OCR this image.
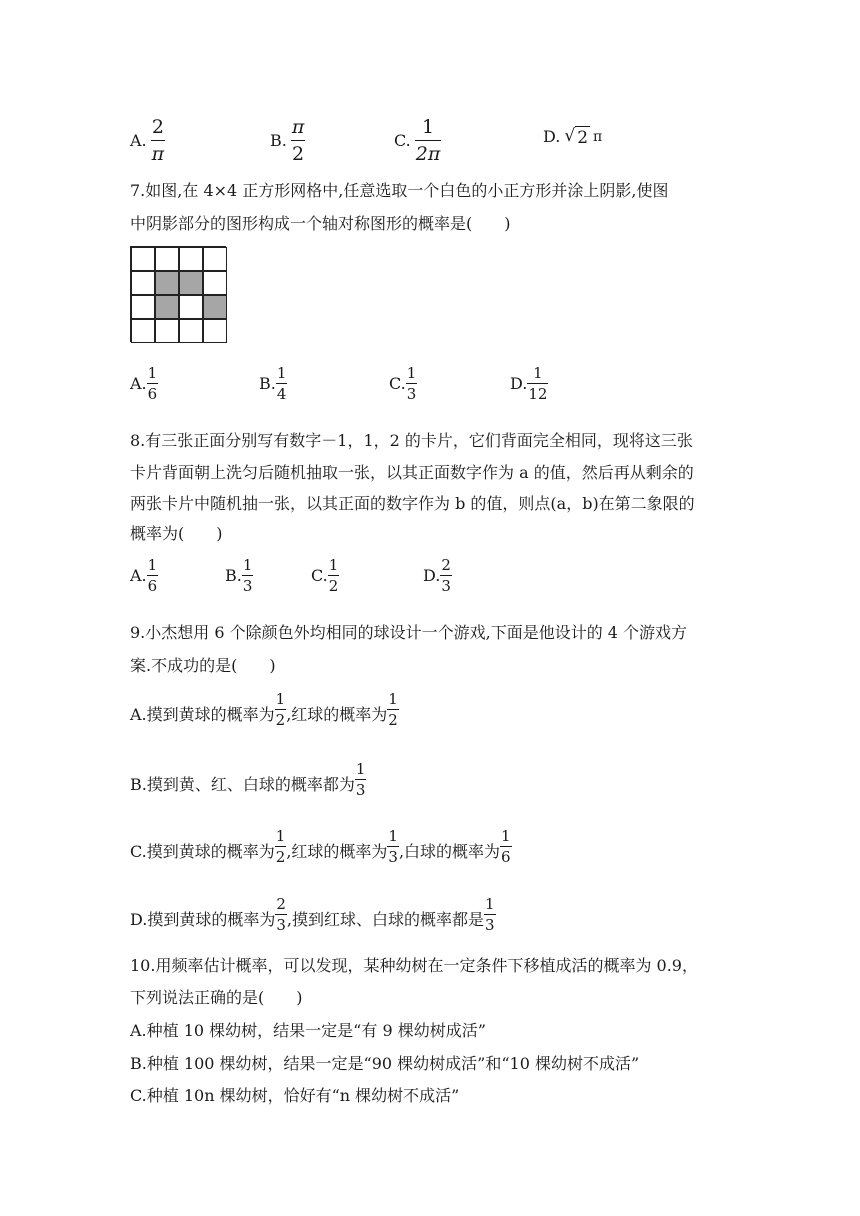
A. $\frac{2}{\pi}$	B. $\frac{\pi}{2}$	C. $\frac{1}{2\pi}$	D. √ 2 π
7.如图,在 4×4 正方形网格中,任意选取一个白色的小正方形并涂上阴影,使图
中阴影部分的图形构成一个轴对称图形的概率是(　　)
A. $\frac{1}{6}$	B. $\frac{1}{4}$	C. $\frac{1}{3}$	D. $\frac{1}{12}$
8.有三张正面分别写有数字－1，1，2 的卡片，它们背面完全相同，现将这三张
卡片背面朝上洗匀后随机抽取一张，以其正面数字作为 a 的值，然后再从剩余的
两张卡片中随机抽一张，以其正面的数字作为 b 的值，则点(a，b)在第二象限的
概率为(　　)
A. $\frac{1}{6}$	B. $\frac{1}{3}$	C. $\frac{1}{2}$	D. $\frac{2}{3}$
9.小杰想用 6 个除颜色外均相同的球设计一个游戏,下面是他设计的 4 个游戏方
案.不成功的是(　　)
A.摸到黄球的概率为 $\frac{1}{2}$ ,红球的概率为 $\frac{1}{2}$
B.摸到黄、红、白球的概率都为 $\frac{1}{3}$
C.摸到黄球的概率为 $\frac{1}{2}$ ,红球的概率为 $\frac{1}{3}$ ,白球的概率为 $\frac{1}{6}$
D.摸到黄球的概率为 $\frac{2}{3}$ ,摸到红球、白球的概率都是 $\frac{1}{3}$
10.用频率估计概率，可以发现，某种幼树在一定条件下移植成活的概率为 0.9，
下列说法正确的是(　　)
A.种植 10 棵幼树，结果一定是“有 9 棵幼树成活”
B.种植 100 棵幼树，结果一定是“90 棵幼树成活”和“10 棵幼树不成活”
C.种植 10n 棵幼树，恰好有“n 棵幼树不成活”
